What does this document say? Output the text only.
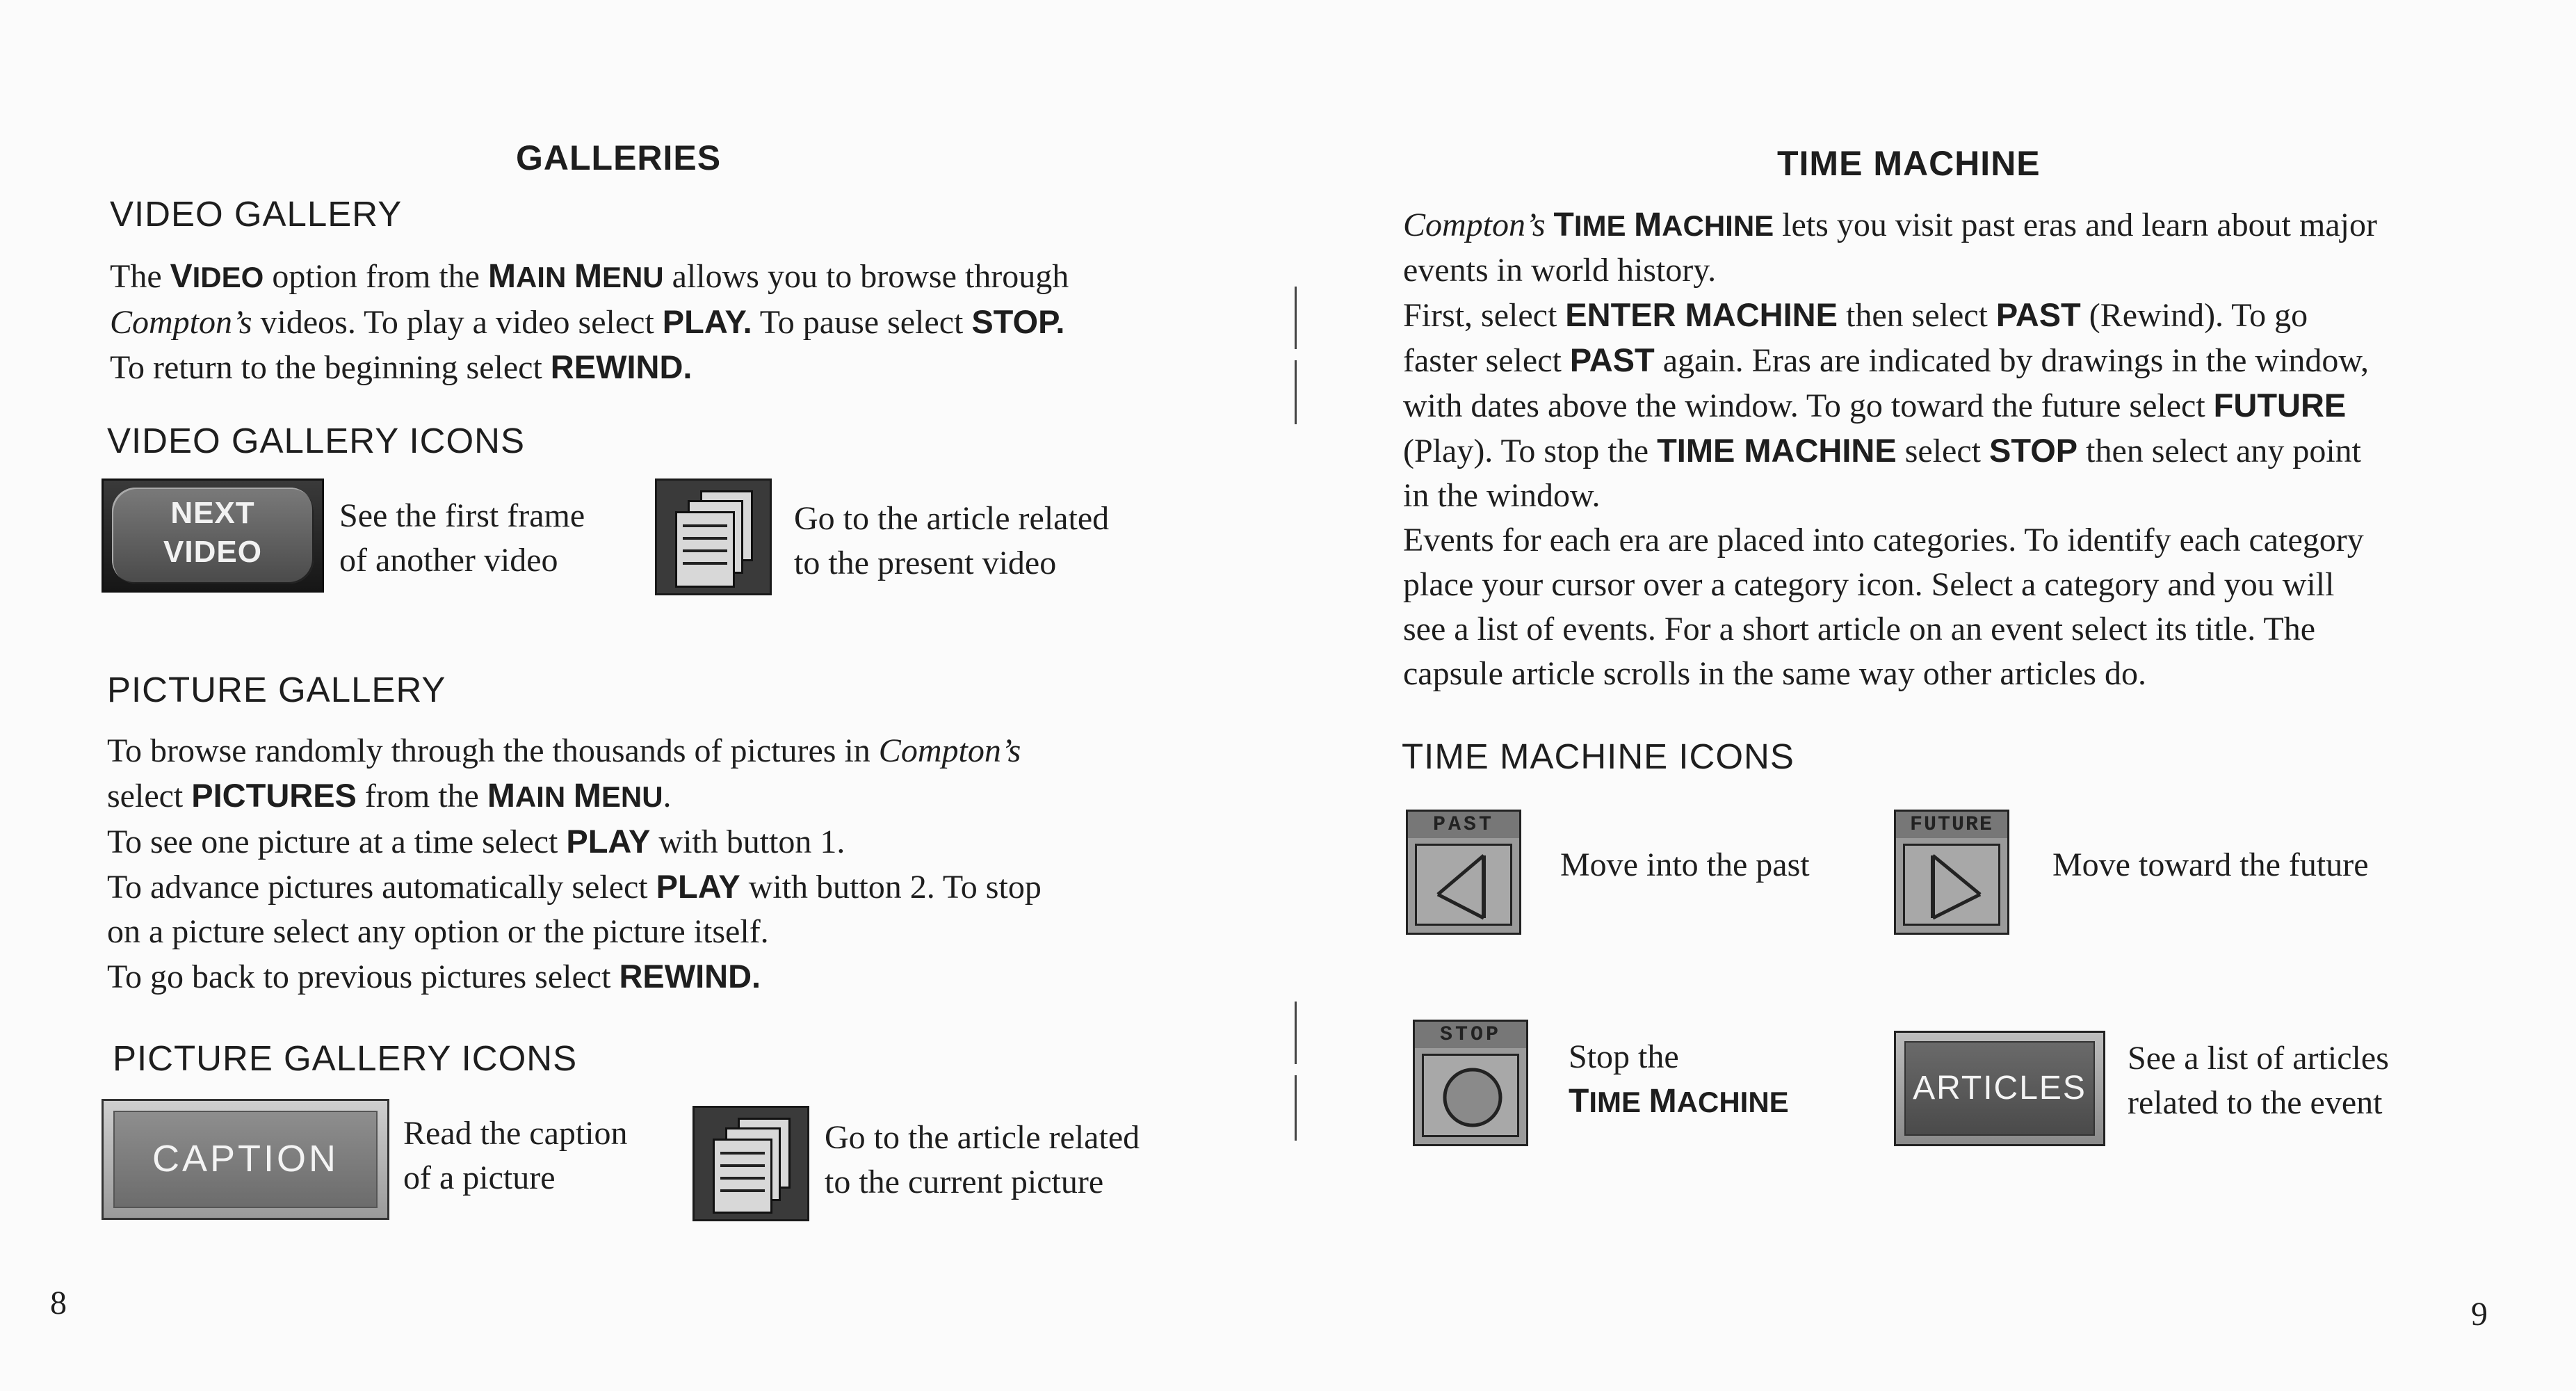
GALLERIES
VIDEO GALLERY
The VIDEO option from the MAIN MENU allows you to browse through
Compton’s videos. To play a video select PLAY. To pause select STOP.
To return to the beginning select REWIND.
VIDEO GALLERY ICONS
NEXT
VIDEO
See the first frame
of another video
Go to the article related
to the present video
PICTURE GALLERY
To browse randomly through the thousands of pictures in Compton’s
select PICTURES from the MAIN MENU.
To see one picture at a time select PLAY with button 1.
To advance pictures automatically select PLAY with button 2. To stop
on a picture select any option or the picture itself.
To go back to previous pictures select REWIND.
PICTURE GALLERY ICONS
CAPTION
Read the caption
of a picture
Go to the article related
to the current picture
8
TIME MACHINE
Compton’s TIME MACHINE lets you visit past eras and learn about major
events in world history.
First, select ENTER MACHINE then select PAST (Rewind). To go
faster select PAST again. Eras are indicated by drawings in the window,
with dates above the window. To go toward the future select FUTURE
(Play). To stop the TIME MACHINE select STOP then select any point
in the window.
Events for each era are placed into categories. To identify each category
place your cursor over a category icon. Select a category and you will
see a list of events. For a short article on an event select its title. The
capsule article scrolls in the same way other articles do.
TIME MACHINE ICONS
PAST
Move into the past
FUTURE
Move toward the future
STOP
Stop the
TIME MACHINE	ARTICLES
See a list of articles
related to the event
9
